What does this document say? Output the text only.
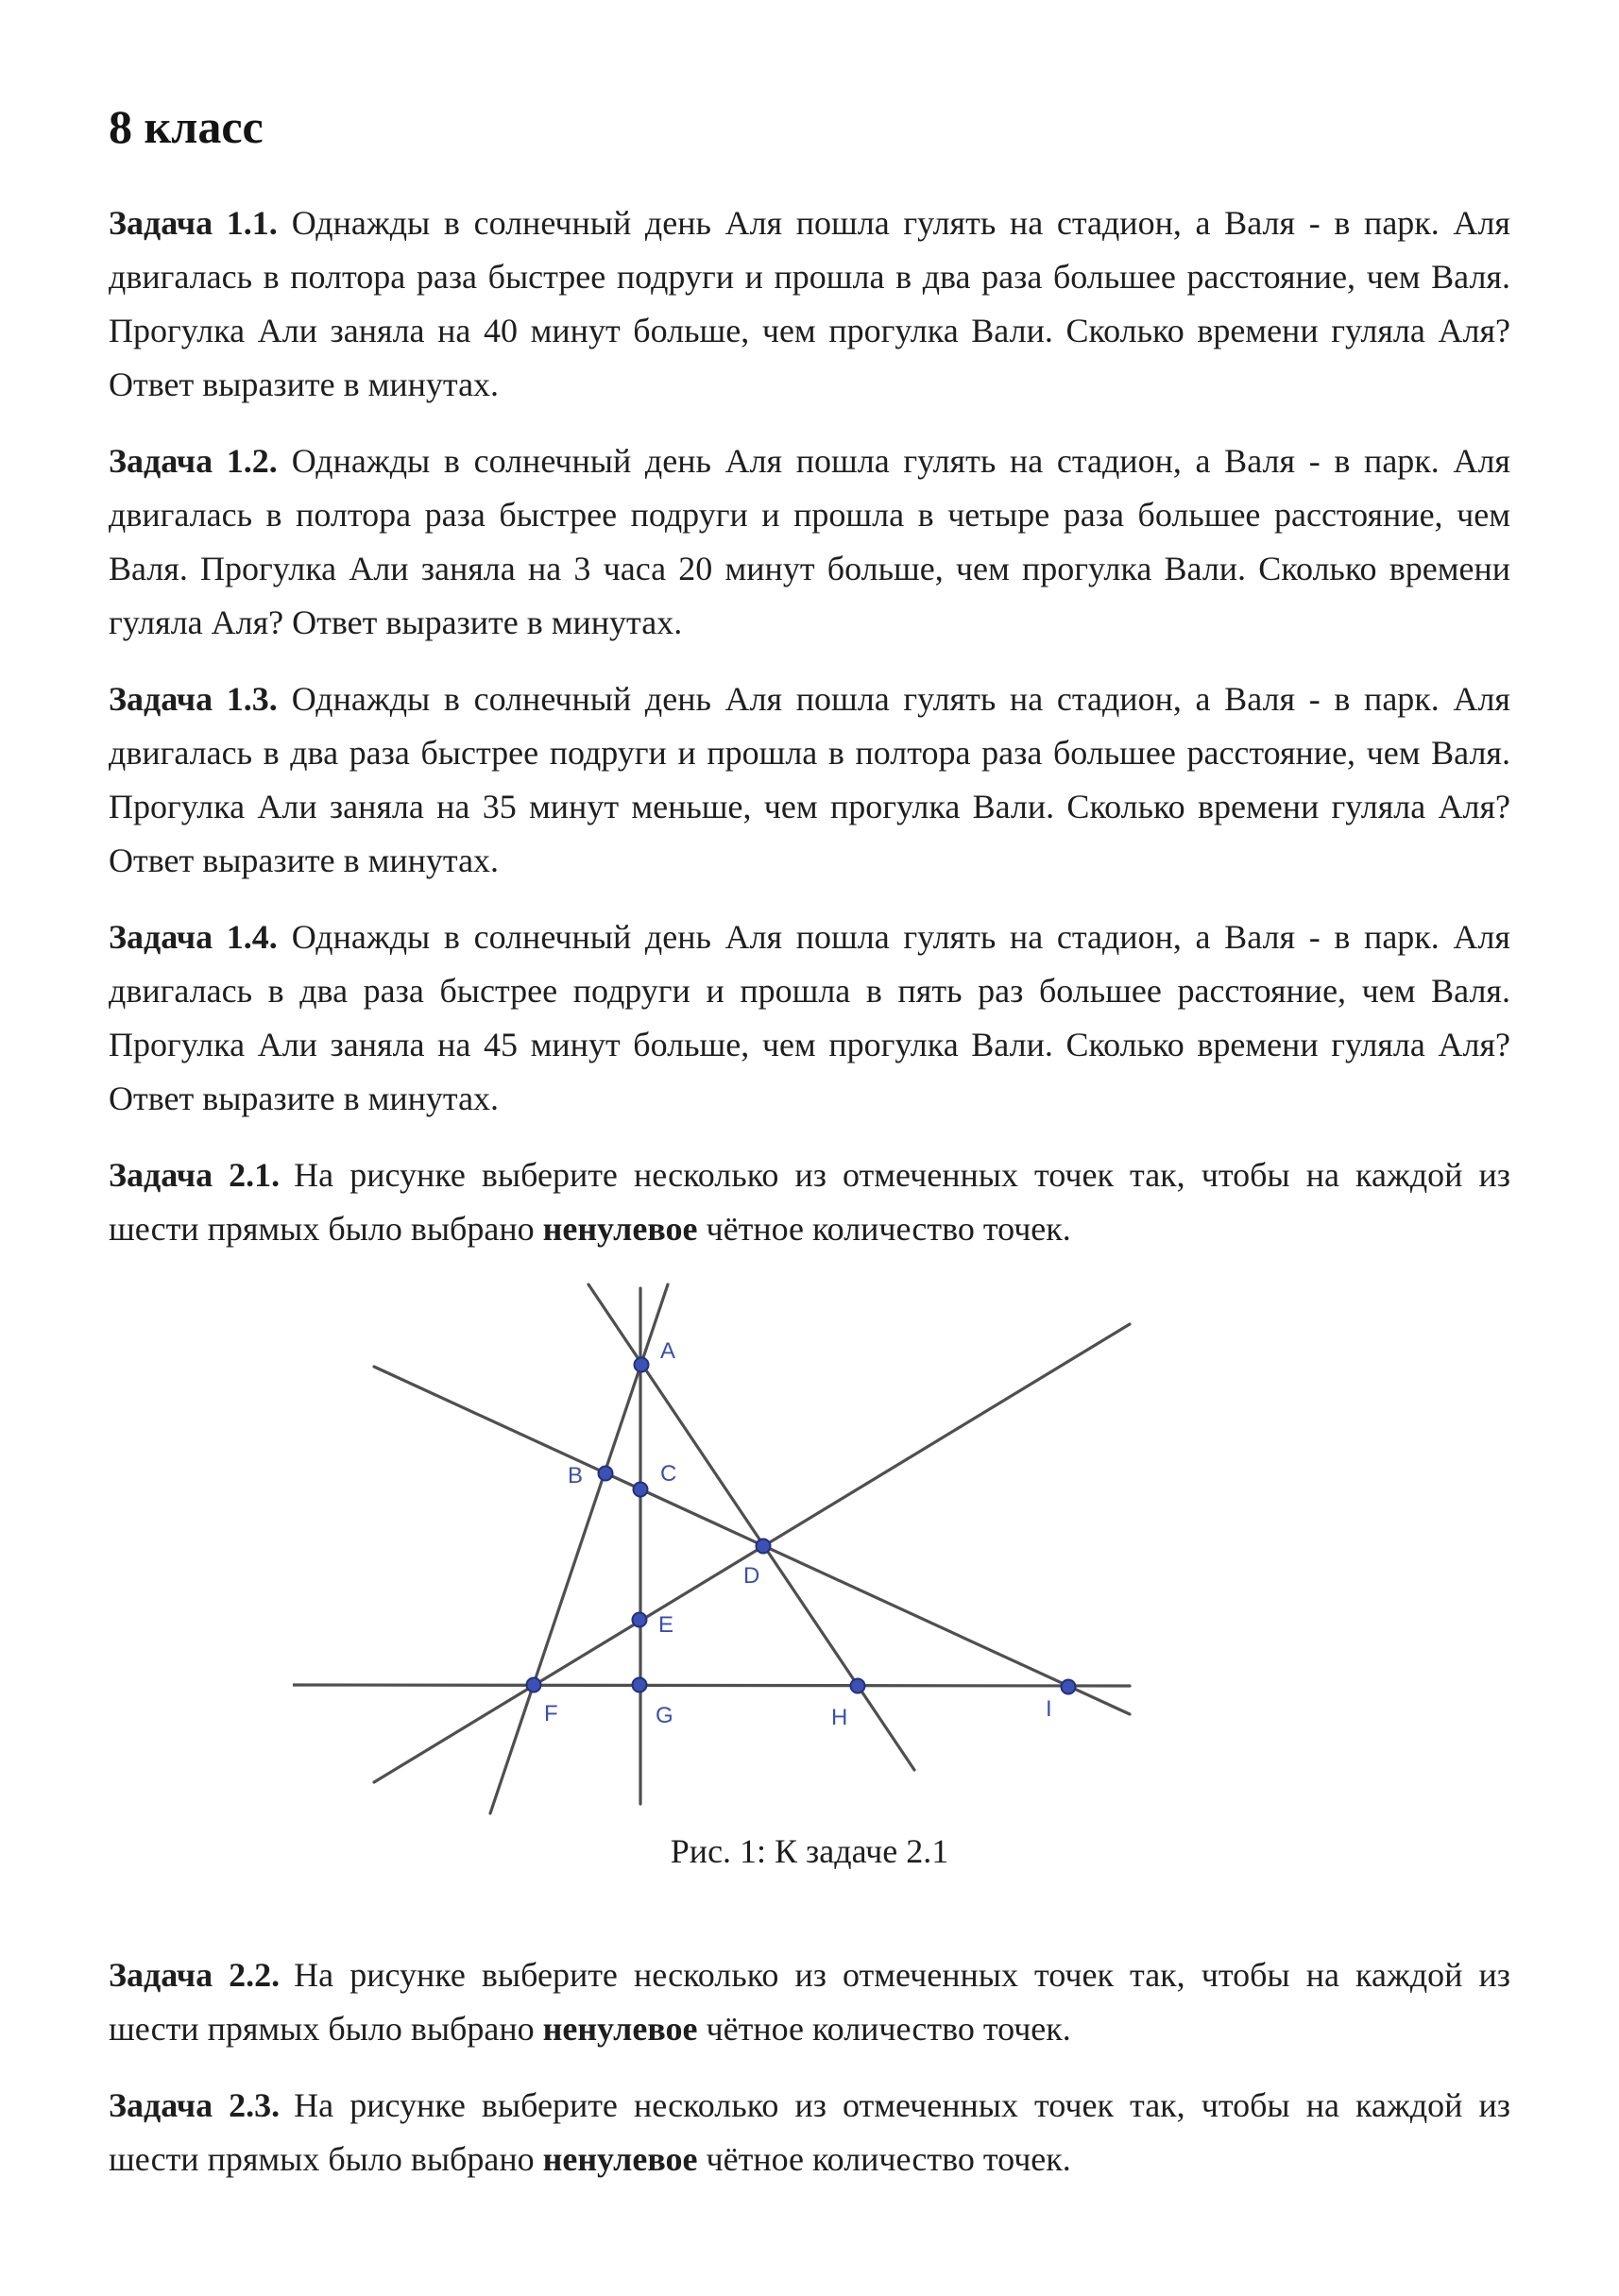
8 класс

Задача 1.1. Однажды в солнечный день Аля пошла гулять на стадион, а Валя - в парк. Аля двигалась в полтора раза быстрее подруги и прошла в два раза большее расстояние, чем Валя. Прогулка Али заняла на 40 минут больше, чем прогулка Вали. Сколько времени гуляла Аля? Ответ выразите в минутах.

Задача 1.2. Однажды в солнечный день Аля пошла гулять на стадион, а Валя - в парк. Аля двигалась в полтора раза быстрее подруги и прошла в четыре раза большее расстояние, чем Валя. Прогулка Али заняла на 3 часа 20 минут больше, чем прогулка Вали. Сколько времени гуляла Аля? Ответ выразите в минутах.

Задача 1.3. Однажды в солнечный день Аля пошла гулять на стадион, а Валя - в парк. Аля двигалась в два раза быстрее подруги и прошла в полтора раза большее расстояние, чем Валя. Прогулка Али заняла на 35 минут меньше, чем прогулка Вали. Сколько времени гуляла Аля? Ответ выразите в минутах.

Задача 1.4. Однажды в солнечный день Аля пошла гулять на стадион, а Валя - в парк. Аля двигалась в два раза быстрее подруги и прошла в пять раз большее расстояние, чем Валя. Прогулка Али заняла на 45 минут больше, чем прогулка Вали. Сколько времени гуляла Аля? Ответ выразите в минутах.

Задача 2.1. На рисунке выберите несколько из отмеченных точек так, чтобы на каждой из шести прямых было выбрано ненулевое чётное количество точек.

A
B	C
D
E
F	G	H	I
Рис. 1: К задаче 2.1

Задача 2.2. На рисунке выберите несколько из отмеченных точек так, чтобы на каждой из шести прямых было выбрано ненулевое чётное количество точек.

Задача 2.3. На рисунке выберите несколько из отмеченных точек так, чтобы на каждой из шести прямых было выбрано ненулевое чётное количество точек.
